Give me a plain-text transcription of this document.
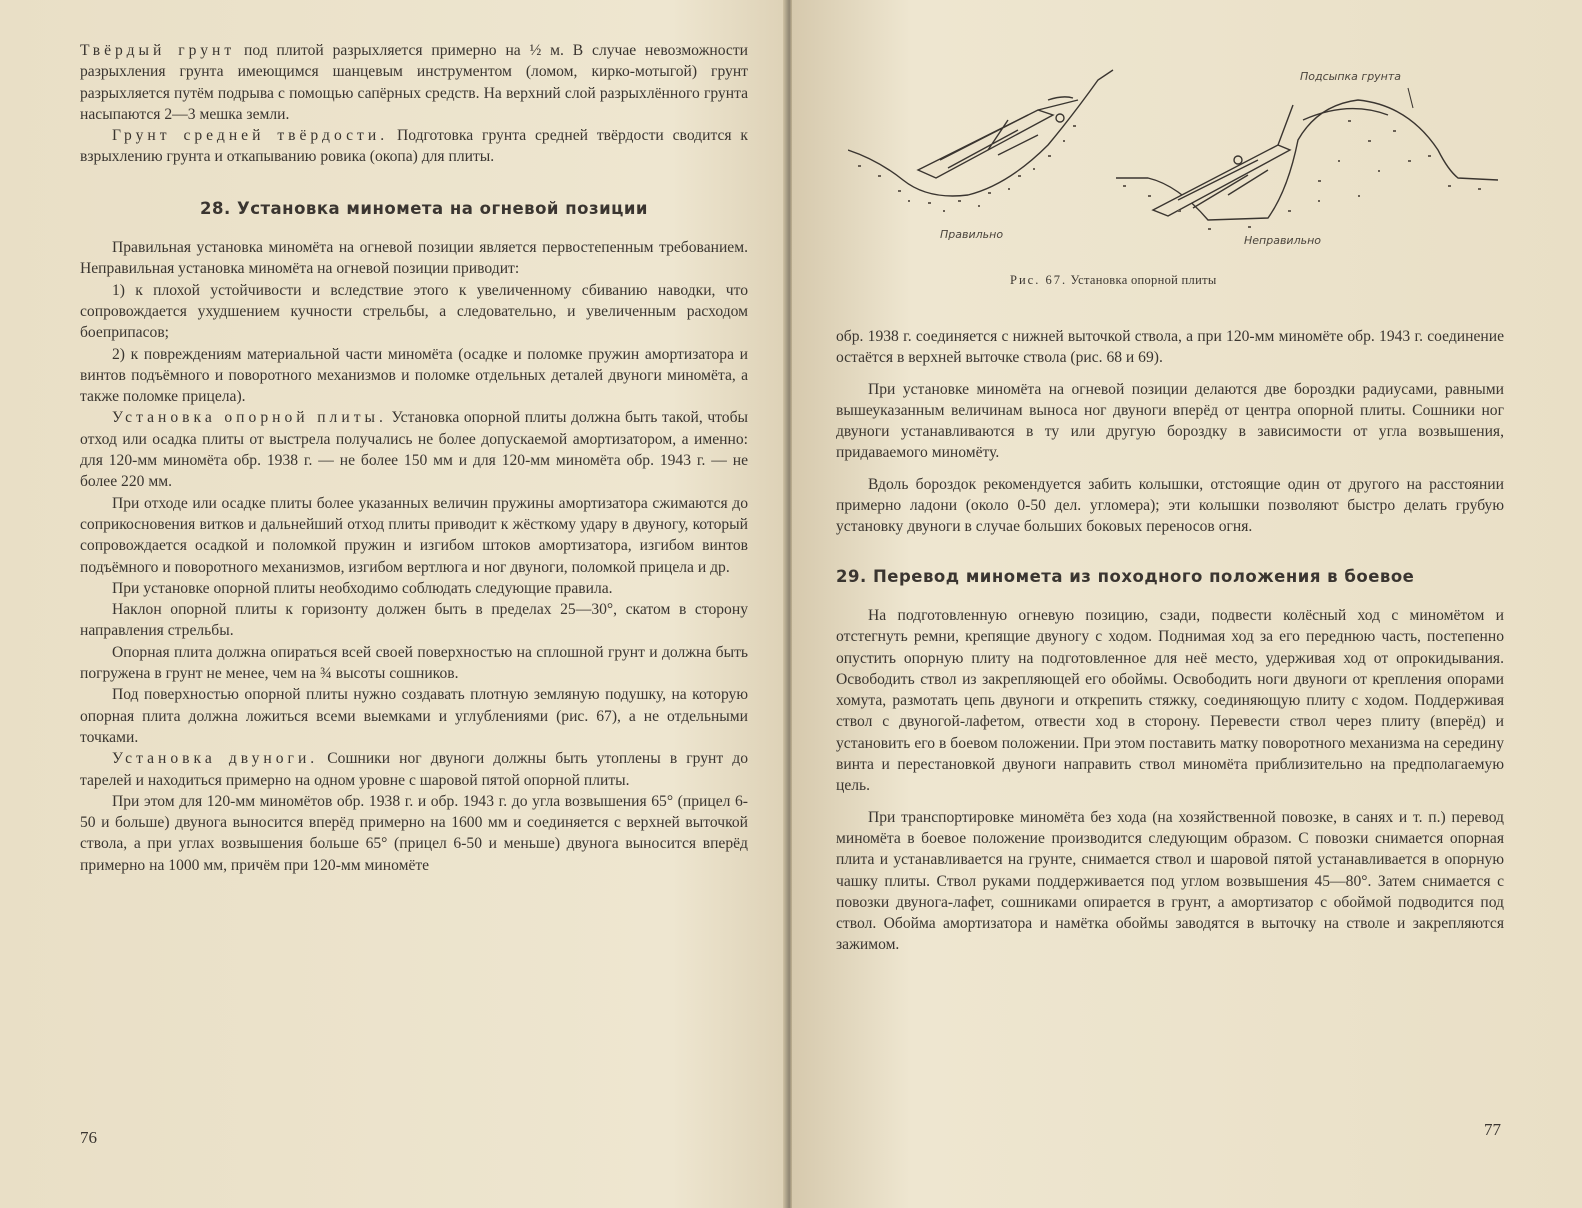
Твёрдый грунт под плитой разрыхляется примерно на ½ м. В случае невозможности разрыхления грунта имеющимся шанцевым инструментом (ломом, кирко-мотыгой) грунт разрыхляется путём подрыва с помощью сапёрных средств. На верхний слой разрыхлённого грунта насыпаются 2—3 мешка земли.

Грунт средней твёрдости. Подготовка грунта средней твёрдости сводится к взрыхлению грунта и откапыванию ровика (окопа) для плиты.

28. Установка миномета на огневой позиции

Правильная установка миномёта на огневой позиции является первостепенным требованием. Неправильная установка миномёта на огневой позиции приводит:

1) к плохой устойчивости и вследствие этого к увеличенному сбиванию наводки, что сопровождается ухудшением кучности стрельбы, а следовательно, и увеличенным расходом боеприпасов;

2) к повреждениям материальной части миномёта (осадке и поломке пружин амортизатора и винтов подъёмного и поворотного механизмов и поломке отдельных деталей двуноги миномёта, а также поломке прицела).

Установка опорной плиты. Установка опорной плиты должна быть такой, чтобы отход или осадка плиты от выстрела получались не более допускаемой амортизатором, а именно: для 120-мм миномёта обр. 1938 г. — не более 150 мм и для 120-мм миномёта обр. 1943 г. — не более 220 мм.

При отходе или осадке плиты более указанных величин пружины амортизатора сжимаются до соприкосновения витков и дальнейший отход плиты приводит к жёсткому удару в двуногу, который сопровождается осадкой и поломкой пружин и изгибом штоков амортизатора, изгибом винтов подъёмного и поворотного механизмов, изгибом вертлюга и ног двуноги, поломкой прицела и др.

При установке опорной плиты необходимо соблюдать следующие правила.

Наклон опорной плиты к горизонту должен быть в пределах 25—30°, скатом в сторону направления стрельбы.

Опорная плита должна опираться всей своей поверхностью на сплошной грунт и должна быть погружена в грунт не менее, чем на ¾ высоты сошников.

Под поверхностью опорной плиты нужно создавать плотную земляную подушку, на которую опорная плита должна ложиться всеми выемками и углублениями (рис. 67), а не отдельными точками.

Установка двуноги. Сошники ног двуноги должны быть утоплены в грунт до тарелей и находиться примерно на одном уровне с шаровой пятой опорной плиты.

При этом для 120-мм миномётов обр. 1938 г. и обр. 1943 г. до угла возвышения 65° (прицел 6-50 и больше) двунога выносится вперёд примерно на 1600 мм и соединяется с верхней выточкой ствола, а при углах возвышения больше 65° (прицел 6-50 и меньше) двунога выносится вперёд примерно на 1000 мм, причём при 120-мм миномёте

76
Правильно	Неправильно
Подсыпка грунта
Рис. 67. Установка опорной плиты

обр. 1938 г. соединяется с нижней выточкой ствола, а при 120-мм миномёте обр. 1943 г. соединение остаётся в верхней выточке ствола (рис. 68 и 69).

При установке миномёта на огневой позиции делаются две бороздки радиусами, равными вышеуказанным величинам выноса ног двуноги вперёд от центра опорной плиты. Сошники ног двуноги устанавливаются в ту или другую бороздку в зависимости от угла возвышения, придаваемого миномёту.

Вдоль бороздок рекомендуется забить колышки, отстоящие один от другого на расстоянии примерно ладони (около 0-50 дел. угломера); эти колышки позволяют быстро делать грубую установку двуноги в случае больших боковых переносов огня.

29. Перевод миномета из походного положения в боевое

На подготовленную огневую позицию, сзади, подвести колёсный ход с миномётом и отстегнуть ремни, крепящие двуногу с ходом. Поднимая ход за его переднюю часть, постепенно опустить опорную плиту на подготовленное для неё место, удерживая ход от опрокидывания. Освободить ствол из закрепляющей его обоймы. Освободить ноги двуноги от крепления опорами хомута, размотать цепь двуноги и открепить стяжку, соединяющую плиту с ходом. Поддерживая ствол с двуногой-лафетом, отвести ход в сторону. Перевести ствол через плиту (вперёд) и установить его в боевом положении. При этом поставить матку поворотного механизма на середину винта и перестановкой двуноги направить ствол миномёта приблизительно на предполагаемую цель.

При транспортировке миномёта без хода (на хозяйственной повозке, в санях и т. п.) перевод миномёта в боевое положение производится следующим образом. С повозки снимается опорная плита и устанавливается на грунте, снимается ствол и шаровой пятой устанавливается в опорную чашку плиты. Ствол руками поддерживается под углом возвышения 45—80°. Затем снимается с повозки двунога-лафет, сошниками опирается в грунт, а амортизатор с обоймой подводится под ствол. Обойма амортизатора и намётка обоймы заводятся в выточку на стволе и закрепляются зажимом.

77
